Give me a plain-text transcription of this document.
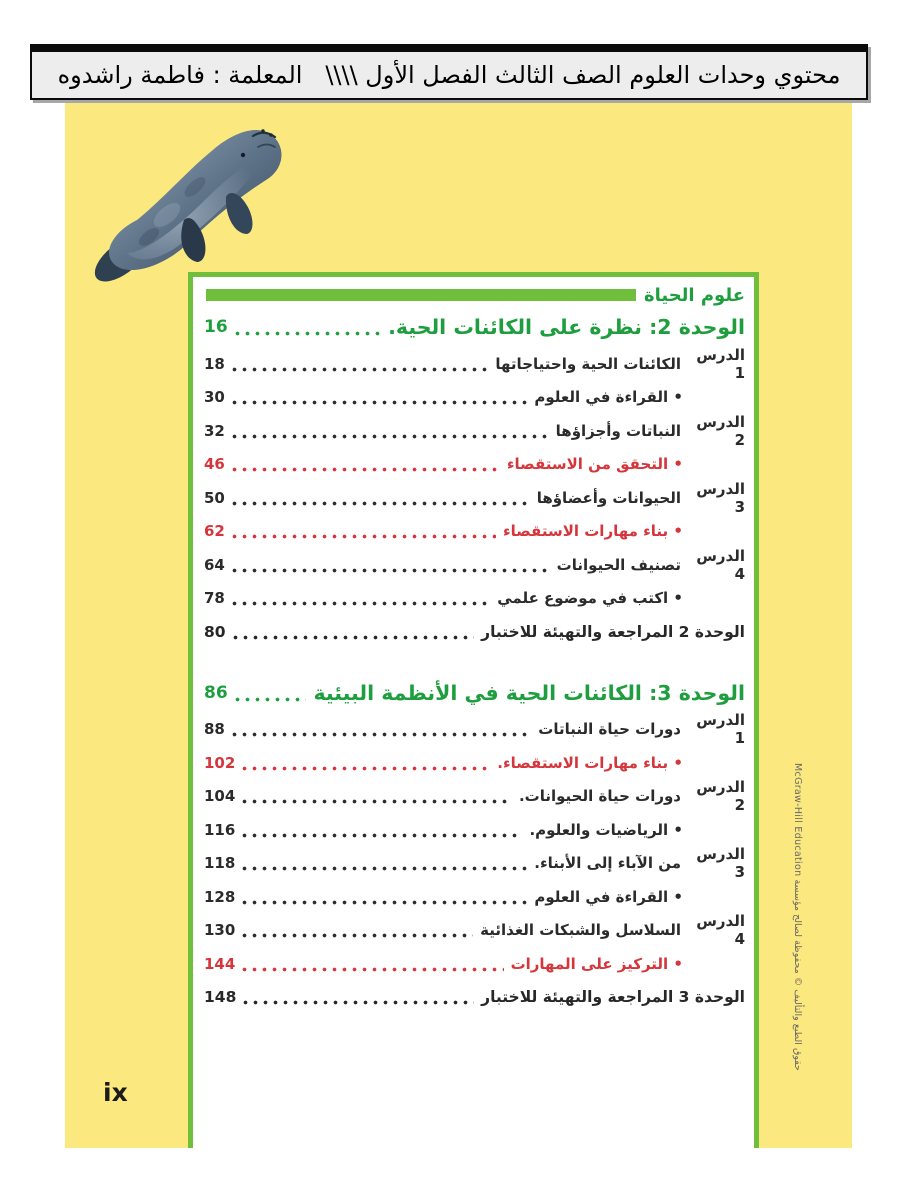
محتوي وحدات العلوم الصف الثالث الفصل الأول \\\\   المعلمة : فاطمة راشدوه
علوم الحياة
الوحدة 2: نظرة على الكائنات الحية.
16
الدرس 1
الكائنات الحية واحتياجاتها
18
• القراءة في العلوم
30
الدرس 2
النباتات وأجزاؤها
32
• التحقق من الاستقصاء
46
الدرس 3
الحيوانات وأعضاؤها
50
• بناء مهارات الاستقصاء
62
الدرس 4
تصنيف الحيوانات
64
• اكتب في موضوع علمي
78
الوحدة 2 المراجعة والتهيئة للاختبار
80
الوحدة 3: الكائنات الحية في الأنظمة البيئية
86
الدرس 1
دورات حياة النباتات
88
• بناء مهارات الاستقصاء.
102
الدرس 2
دورات حياة الحيوانات.
104
• الرياضيات والعلوم.
116
الدرس 3
من الآباء إلى الأبناء.
118
• القراءة في العلوم
128
الدرس 4
السلاسل والشبكات الغذائية
130
• التركيز على المهارات
144
الوحدة 3 المراجعة والتهيئة للاختبار
148
حقوق الطبع والتأليف © محفوظة لصالح مؤسسة McGraw-Hill Education
ix
